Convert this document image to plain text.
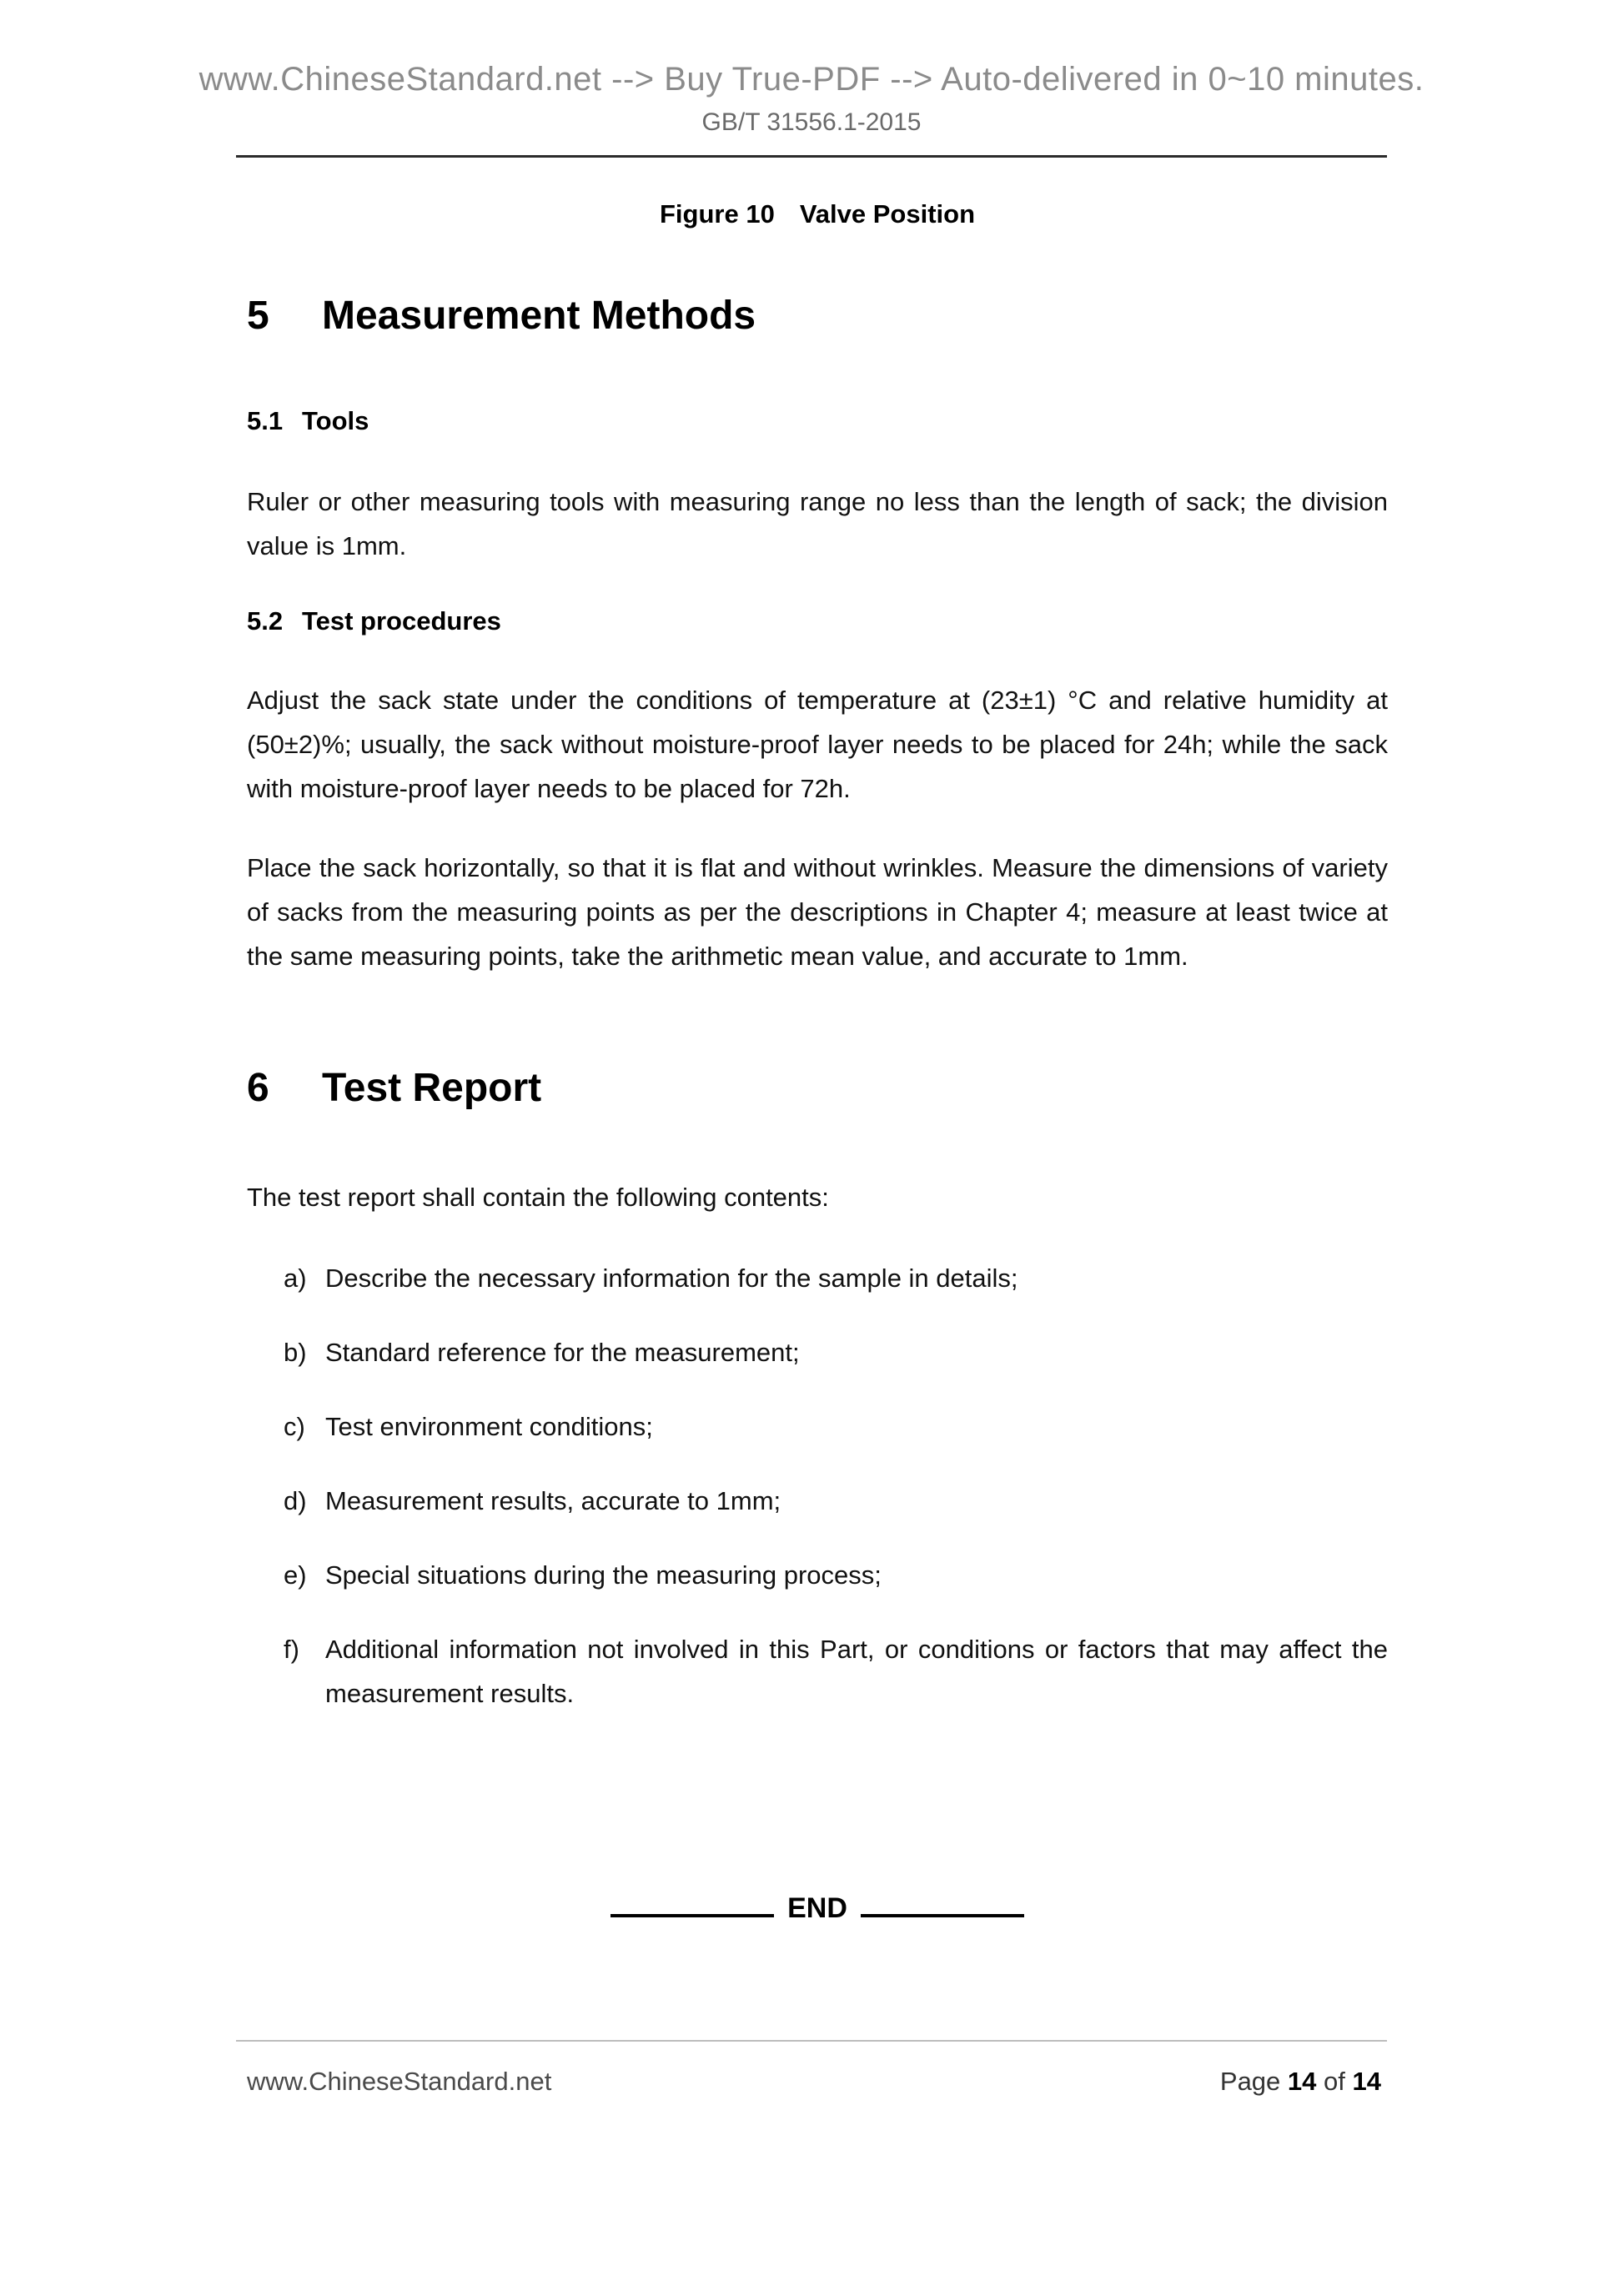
www.ChineseStandard.net --> Buy True-PDF --> Auto-delivered in 0~10 minutes.
GB/T 31556.1-2015
Figure 10 Valve Position
5	Measurement Methods
5.1 Tools

Ruler or other measuring tools with measuring range no less than the length of sack; the division value is 1mm.

5.2 Test procedures

Adjust the sack state under the conditions of temperature at (23±1) °C and relative humidity at (50±2)%; usually, the sack without moisture-proof layer needs to be placed for 24h; while the sack with moisture-proof layer needs to be placed for 72h.

Place the sack horizontally, so that it is flat and without wrinkles. Measure the dimensions of variety of sacks from the measuring points as per the descriptions in Chapter 4; measure at least twice at the same measuring points, take the arithmetic mean value, and accurate to 1mm.

6	Test Report

The test report shall contain the following contents:

a) Describe the necessary information for the sample in details;
b) Standard reference for the measurement;
c) Test environment conditions;
d) Measurement results, accurate to 1mm;
e) Special situations during the measuring process;
f)	Additional information not involved in this Part, or conditions or factors that may affect the measurement results.
END
www.ChineseStandard.net	Page 14 of 14
